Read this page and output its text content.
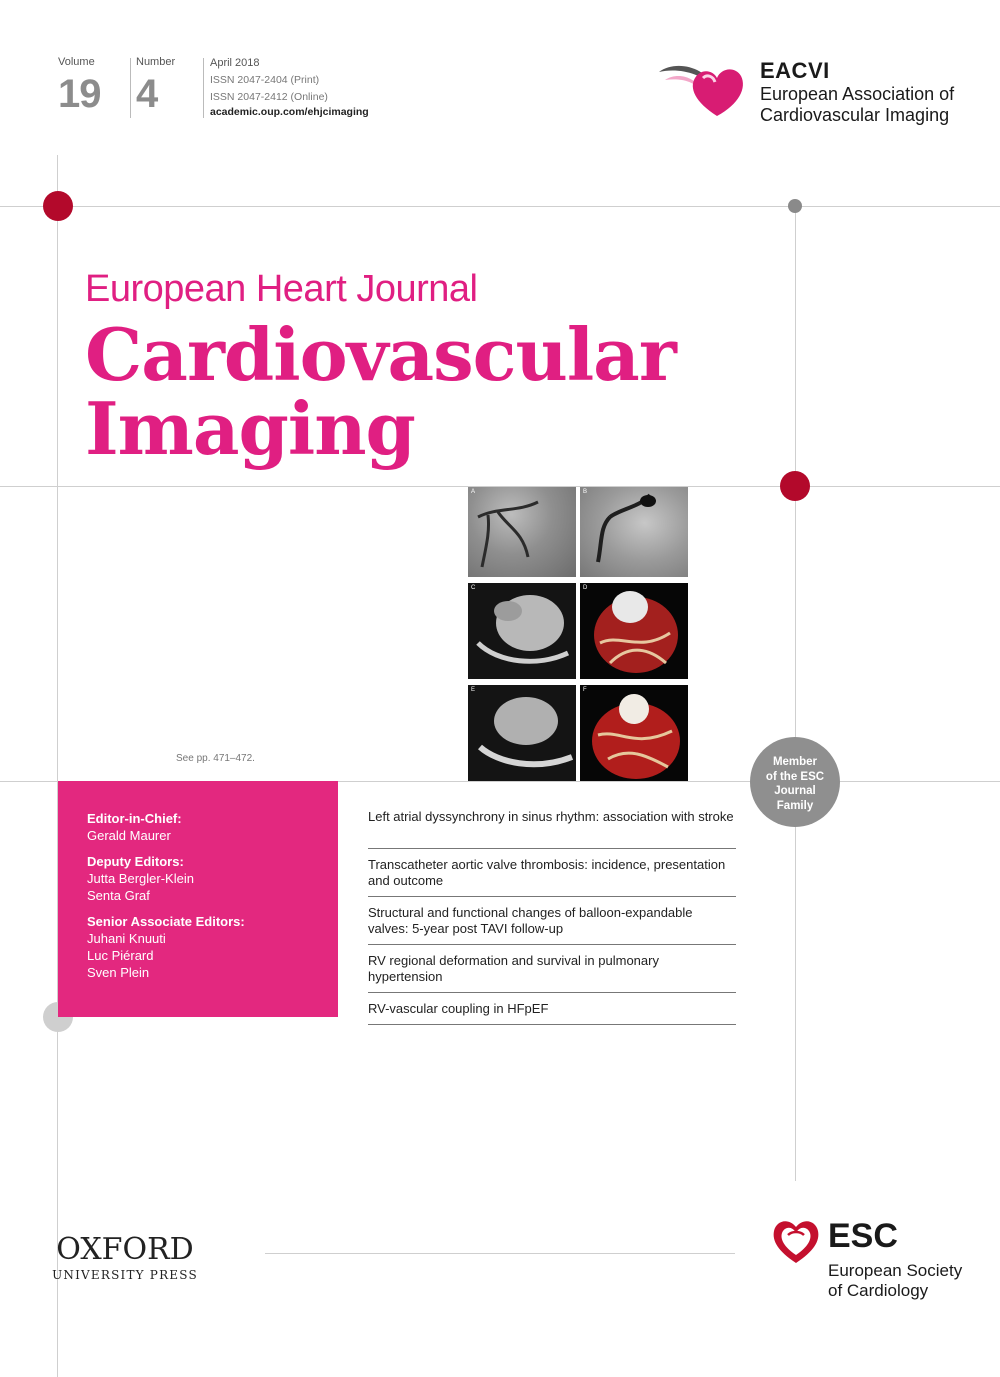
Volume
19
Number
4
April 2018
ISSN 2047-2404 (Print)
ISSN 2047-2412 (Online)
academic.oup.com/ehjcimaging
EACVI
European Association of
Cardiovascular Imaging
European Heart Journal
Cardiovascular
Imaging
A	B
C	D
E	F
See pp. 471–472.
Editor-in-Chief:
Gerald Maurer
Deputy Editors:
Jutta Bergler-Klein
Senta Graf
Senior Associate Editors:
Juhani Knuuti
Luc Piérard
Sven Plein
Left atrial dyssynchrony in sinus rhythm: association with stroke
Transcatheter aortic valve thrombosis: incidence, presentation and outcome
Structural and functional changes of balloon-expandable valves: 5-year post TAVI follow-up
RV regional deformation and survival in pulmonary hypertension
RV-vascular coupling in HFpEF
Member
of the ESC
Journal
Family
OXFORD
UNIVERSITY PRESS
ESC
European Society
of Cardiology
